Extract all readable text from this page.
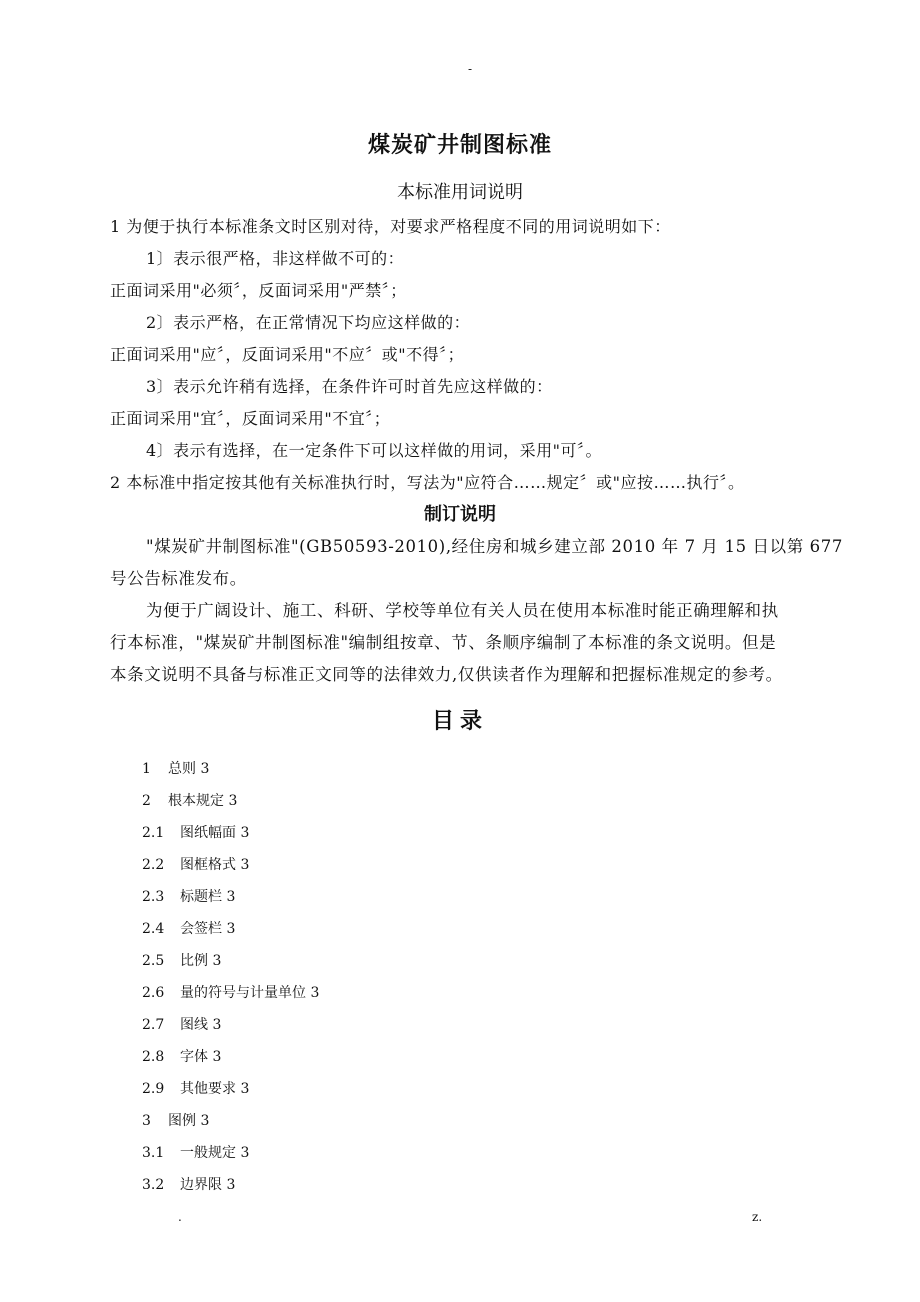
-
煤炭矿井制图标准
本标准用词说明
1 为便于执行本标准条文时区别对待，对要求严格程度不同的用词说明如下：
1〕表示很严格，非这样做不可的：
正面词采用"必须〞，反面词采用"严禁〞；
2〕表示严格，在正常情况下均应这样做的：
正面词采用"应〞，反面词采用"不应〞或"不得〞；
3〕表示允许稍有选择，在条件许可时首先应这样做的：
正面词采用"宜〞，反面词采用"不宜〞；
4〕表示有选择，在一定条件下可以这样做的用词，采用"可〞。
2 本标准中指定按其他有关标准执行时，写法为"应符合……规定〞或"应按……执行〞。
制订说明
"煤炭矿井制图标准"(GB50593-2010),经住房和城乡建立部 2010 年 7 月 15 日以第 677
号公告标准发布。
为便于广阔设计、施工、科研、学校等单位有关人员在使用本标准时能正确理解和执
行本标准，"煤炭矿井制图标准"编制组按章、节、条顺序编制了本标准的条文说明。但是
本条文说明不具备与标准正文同等的法律效力,仅供读者作为理解和把握标准规定的参考。
目录
1 总则 3
2 根本规定 3
2.1 图纸幅面 3
2.2 图框格式 3
2.3 标题栏 3
2.4 会签栏 3
2.5 比例 3
2.6 量的符号与计量单位 3
2.7 图线 3
2.8 字体 3
2.9 其他要求 3
3 图例 3
3.1 一般规定 3
3.2 边界限 3
.	z.
